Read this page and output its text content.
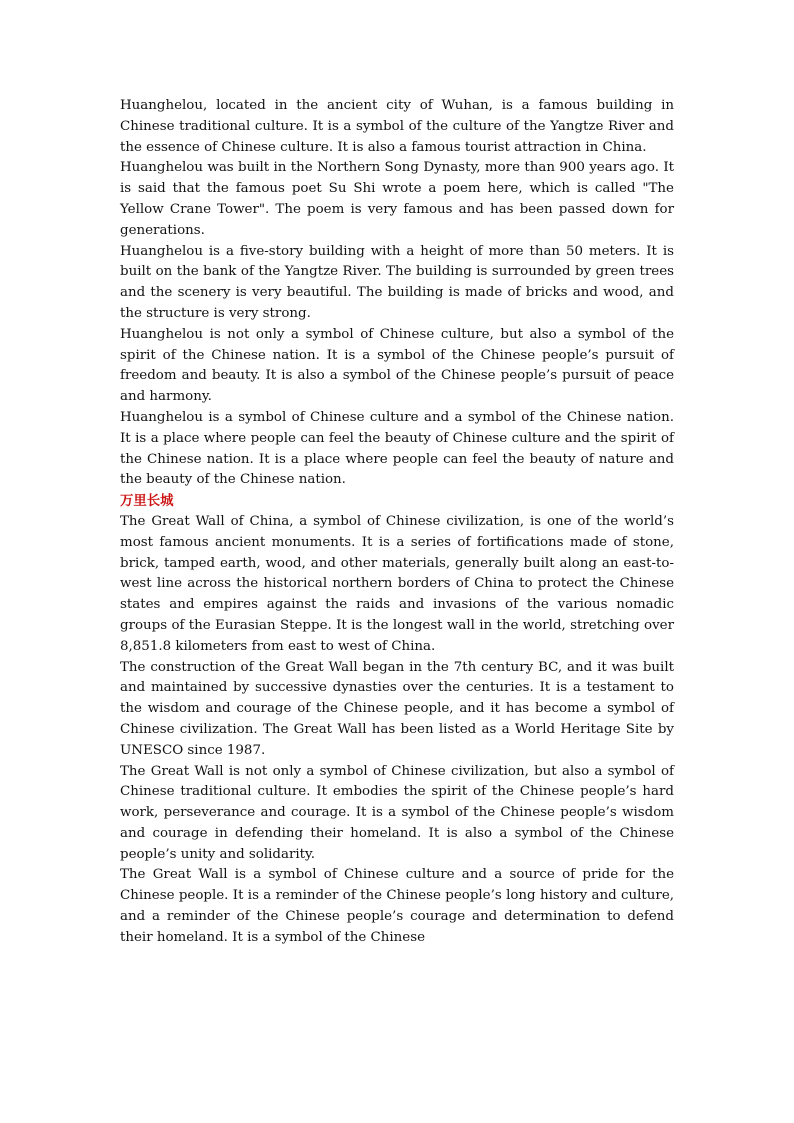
Huanghelou, located in the ancient city of Wuhan, is a famous building in Chinese traditional culture. It is a symbol of the culture of the Yangtze River and the essence of Chinese culture. It is also a famous tourist attraction in China.

Huanghelou was built in the Northern Song Dynasty, more than 900 years ago. It is said that the famous poet Su Shi wrote a poem here, which is called "The Yellow Crane Tower". The poem is very famous and has been passed down for generations.

Huanghelou is a five-story building with a height of more than 50 meters. It is built on the bank of the Yangtze River. The building is surrounded by green trees and the scenery is very beautiful. The building is made of bricks and wood, and the structure is very strong.

Huanghelou is not only a symbol of Chinese culture, but also a symbol of the spirit of the Chinese nation. It is a symbol of the Chinese people’s pursuit of freedom and beauty. It is also a symbol of the Chinese people’s pursuit of peace and harmony.

Huanghelou is a symbol of Chinese culture and a symbol of the Chinese nation. It is a place where people can feel the beauty of Chinese culture and the spirit of the Chinese nation. It is a place where people can feel the beauty of nature and the beauty of the Chinese nation.

万里长城

The Great Wall of China, a symbol of Chinese civilization, is one of the world’s most famous ancient monuments. It is a series of fortifications made of stone, brick, tamped earth, wood, and other materials, generally built along an east-to-west line across the historical northern borders of China to protect the Chinese states and empires against the raids and invasions of the various nomadic groups of the Eurasian Steppe. It is the longest wall in the world, stretching over 8,851.8 kilometers from east to west of China.

The construction of the Great Wall began in the 7th century BC, and it was built and maintained by successive dynasties over the centuries. It is a testament to the wisdom and courage of the Chinese people, and it has become a symbol of Chinese civilization. The Great Wall has been listed as a World Heritage Site by UNESCO since 1987.

The Great Wall is not only a symbol of Chinese civilization, but also a symbol of Chinese traditional culture. It embodies the spirit of the Chinese people’s hard work, perseverance and courage. It is a symbol of the Chinese people’s wisdom and courage in defending their homeland. It is also a symbol of the Chinese people’s unity and solidarity.

The Great Wall is a symbol of Chinese culture and a source of pride for the Chinese people. It is a reminder of the Chinese people’s long history and culture, and a reminder of the Chinese people’s courage and determination to defend their homeland. It is a symbol of the Chinese
